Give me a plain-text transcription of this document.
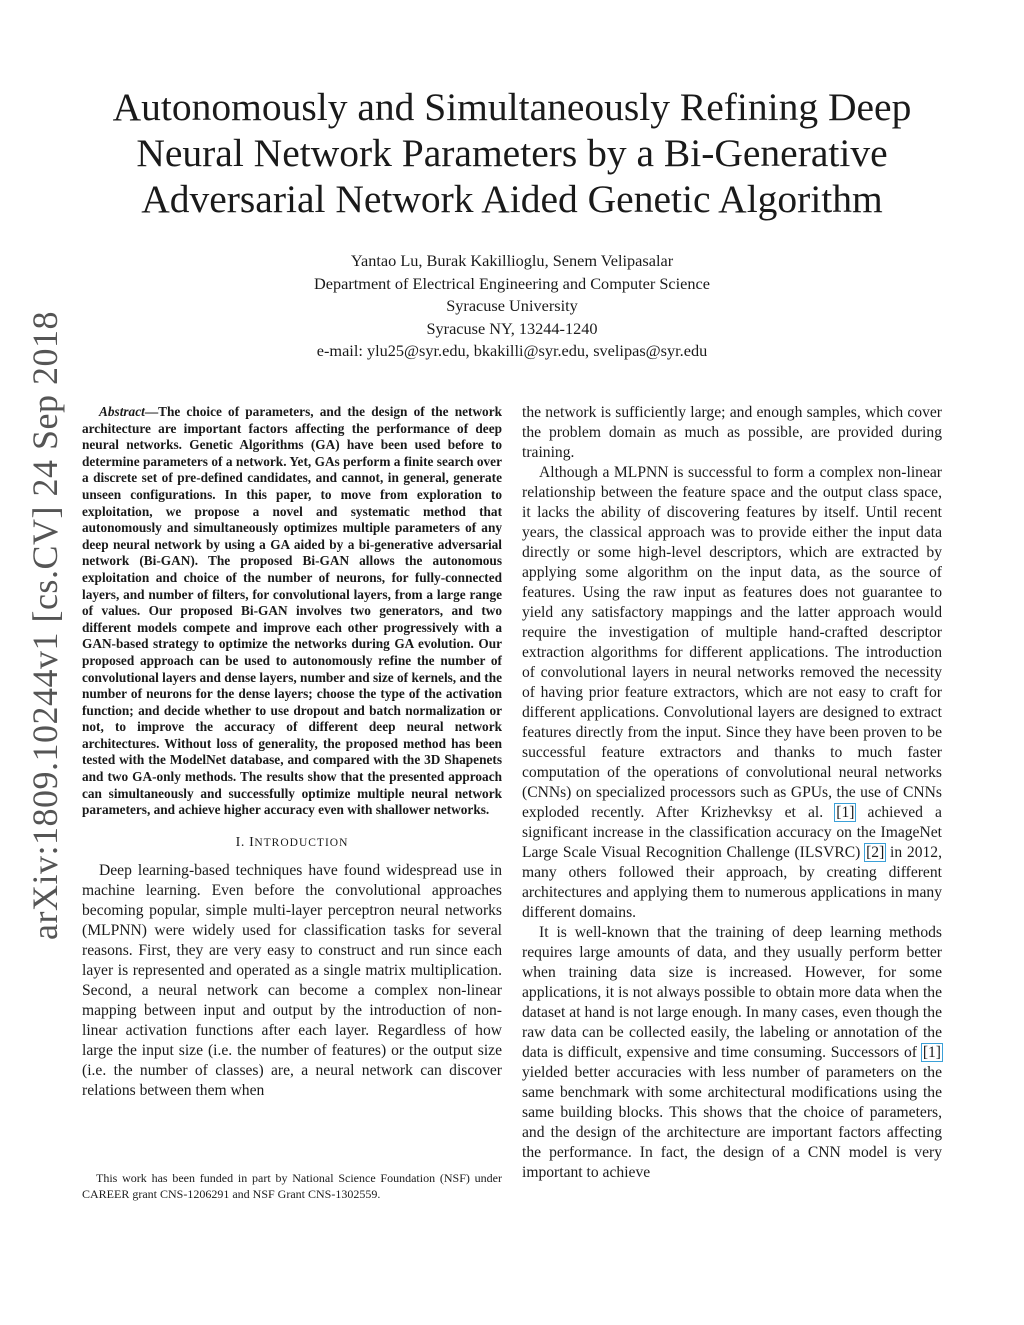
arXiv:1809.10244v1 [cs.CV] 24 Sep 2018
Autonomously and Simultaneously Refining Deep
Neural Network Parameters by a Bi-Generative
Adversarial Network Aided Genetic Algorithm
Yantao Lu, Burak Kakillioglu, Senem Velipasalar
Department of Electrical Engineering and Computer Science
Syracuse University
Syracuse NY, 13244-1240
e-mail: ylu25@syr.edu, bkakilli@syr.edu, svelipas@syr.edu

Abstract—The choice of parameters, and the design of the network architecture are important factors affecting the performance of deep neural networks. Genetic Algorithms (GA) have been used before to determine parameters of a network. Yet, GAs perform a finite search over a discrete set of pre-defined candidates, and cannot, in general, generate unseen configurations. In this paper, to move from exploration to exploitation, we propose a novel and systematic method that autonomously and simultaneously optimizes multiple parameters of any deep neural network by using a GA aided by a bi-generative adversarial network (Bi-GAN). The proposed Bi-GAN allows the autonomous exploitation and choice of the number of neurons, for fully-connected layers, and number of filters, for convolutional layers, from a large range of values. Our proposed Bi-GAN involves two generators, and two different models compete and improve each other progressively with a GAN-based strategy to optimize the networks during GA evolution. Our proposed approach can be used to autonomously refine the number of convolutional layers and dense layers, number and size of kernels, and the number of neurons for the dense layers; choose the type of the activation function; and decide whether to use dropout and batch normalization or not, to improve the accuracy of different deep neural network architectures. Without loss of generality, the proposed method has been tested with the ModelNet database, and compared with the 3D Shapenets and two GA-only methods. The results show that the presented approach can simultaneously and successfully optimize multiple neural network parameters, and achieve higher accuracy even with shallower networks.

I. INTRODUCTION

Deep learning-based techniques have found widespread use in machine learning. Even before the convolutional approaches becoming popular, simple multi-layer perceptron neural networks (MLPNN) were widely used for classification tasks for several reasons. First, they are very easy to construct and run since each layer is represented and operated as a single matrix multiplication. Second, a neural network can become a complex non-linear mapping between input and output by the introduction of non-linear activation functions after each layer. Regardless of how large the input size (i.e. the number of features) or the output size (i.e. the number of classes) are, a neural network can discover relations between them when

This work has been funded in part by National Science Foundation (NSF) under CAREER grant CNS-1206291 and NSF Grant CNS-1302559.

the network is sufficiently large; and enough samples, which cover the problem domain as much as possible, are provided during training.

Although a MLPNN is successful to form a complex non-linear relationship between the feature space and the output class space, it lacks the ability of discovering features by itself. Until recent years, the classical approach was to provide either the input data directly or some high-level descriptors, which are extracted by applying some algorithm on the input data, as the source of features. Using the raw input as features does not guarantee to yield any satisfactory mappings and the latter approach would require the investigation of multiple hand-crafted descriptor extraction algorithms for different applications. The introduction of convolutional layers in neural networks removed the necessity of having prior feature extractors, which are not easy to craft for different applications. Convolutional layers are designed to extract features directly from the input. Since they have been proven to be successful feature extractors and thanks to much faster computation of the operations of convolutional neural networks (CNNs) on specialized processors such as GPUs, the use of CNNs exploded recently. After Krizhevksy et al. [1] achieved a significant increase in the classification accuracy on the ImageNet Large Scale Visual Recognition Challenge (ILSVRC) [2] in 2012, many others followed their approach, by creating different architectures and applying them to numerous applications in many different domains.

It is well-known that the training of deep learning methods requires large amounts of data, and they usually perform better when training data size is increased. However, for some applications, it is not always possible to obtain more data when the dataset at hand is not large enough. In many cases, even though the raw data can be collected easily, the labeling or annotation of the data is difficult, expensive and time consuming. Successors of [1] yielded better accuracies with less number of parameters on the same benchmark with some architectural modifications using the same building blocks. This shows that the choice of parameters, and the design of the architecture are important factors affecting the performance. In fact, the design of a CNN model is very important to achieve
